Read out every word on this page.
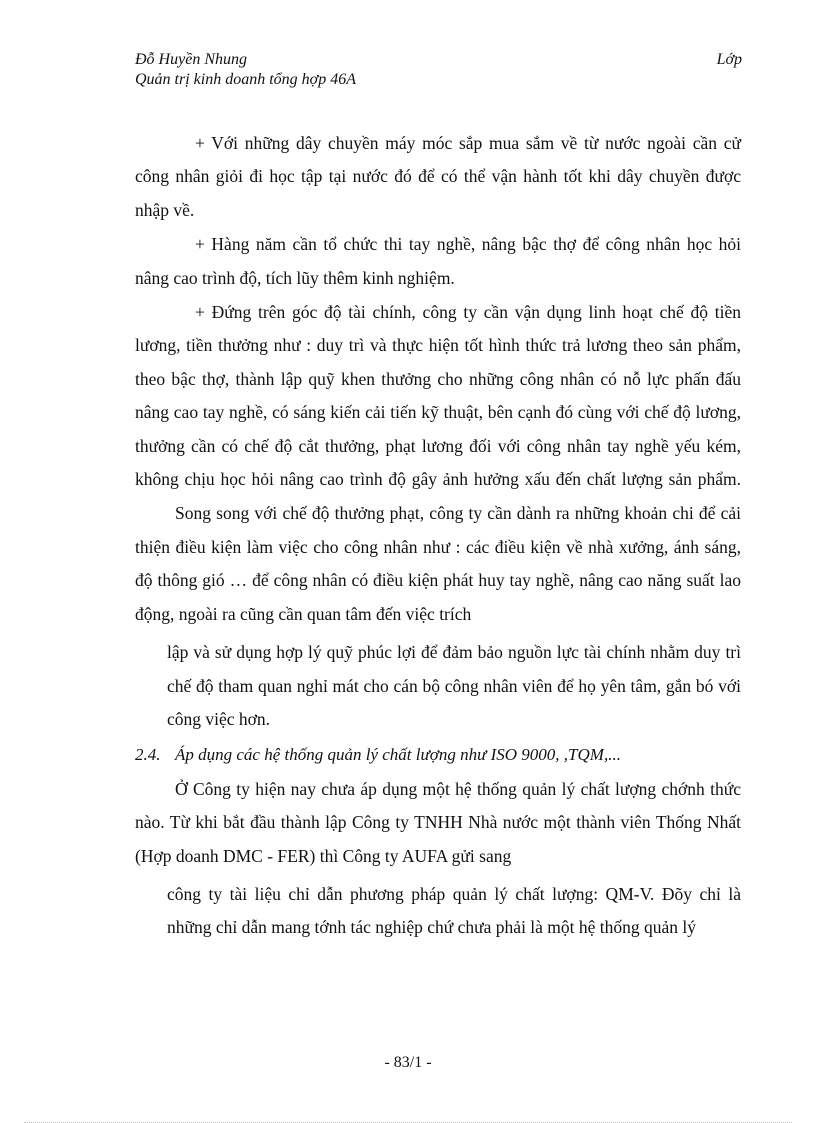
Đỗ Huyền Nhung	Lớp
Quản trị kinh doanh tổng hợp 46A

+ Với những dây chuyền máy móc sắp mua sắm về từ nước ngoài cần cử công nhân giỏi đi học tập tại nước đó để có thể vận hành tốt khi dây chuyền được nhập về.

+ Hàng năm cần tổ chức thi tay nghề, nâng bậc thợ để công nhân học hỏi nâng cao trình độ, tích lũy thêm kinh nghiệm.

+ Đứng trên góc độ tài chính, công ty cần vận dụng linh hoạt chế độ tiền lương, tiền thưởng như : duy trì và thực hiện tốt hình thức trả lương theo sản phẩm, theo bậc thợ, thành lập quỹ khen thưởng cho những công nhân có nỗ lực phấn đấu nâng cao tay nghề, có sáng kiến cải tiến kỹ thuật, bên cạnh đó cùng với chế độ lương, thưởng cần có chế độ cắt thưởng, phạt lương đối với công nhân tay nghề yếu kém, không chịu học hỏi nâng cao trình độ gây ảnh hưởng xấu đến chất lượng sản phẩm.

Song song với chế độ thưởng phạt, công ty cần dành ra những khoản chi để cải thiện điều kiện làm việc cho công nhân như : các điều kiện về nhà xưởng, ánh sáng, độ thông gió … để công nhân có điều kiện phát huy tay nghề, nâng cao năng suất lao động, ngoài ra cũng cần quan tâm đến việc trích

lập và sử dụng hợp lý quỹ phúc lợi để đảm bảo nguồn lực tài chính nhằm duy trì chế độ tham quan nghỉ mát cho cán bộ công nhân viên để họ yên tâm, gắn bó với công việc hơn.

2.4. Áp dụng các hệ thống quản lý chất lượng như ISO 9000, ,TQM,...

Ở Công ty hiện nay chưa áp dụng một hệ thống quản lý chất lượng chớnh thức nào. Từ khi bắt đầu thành lập Công ty TNHH Nhà nước một thành viên Thống Nhất (Hợp doanh DMC - FER) thì Công ty AUFA gửi sang

công ty tài liệu chỉ dẫn phương pháp quản lý chất lượng: QM-V. Đõy chỉ là những chỉ dẫn mang tớnh tác nghiệp chứ chưa phải là một hệ thống quản lý

- 83/1 -
